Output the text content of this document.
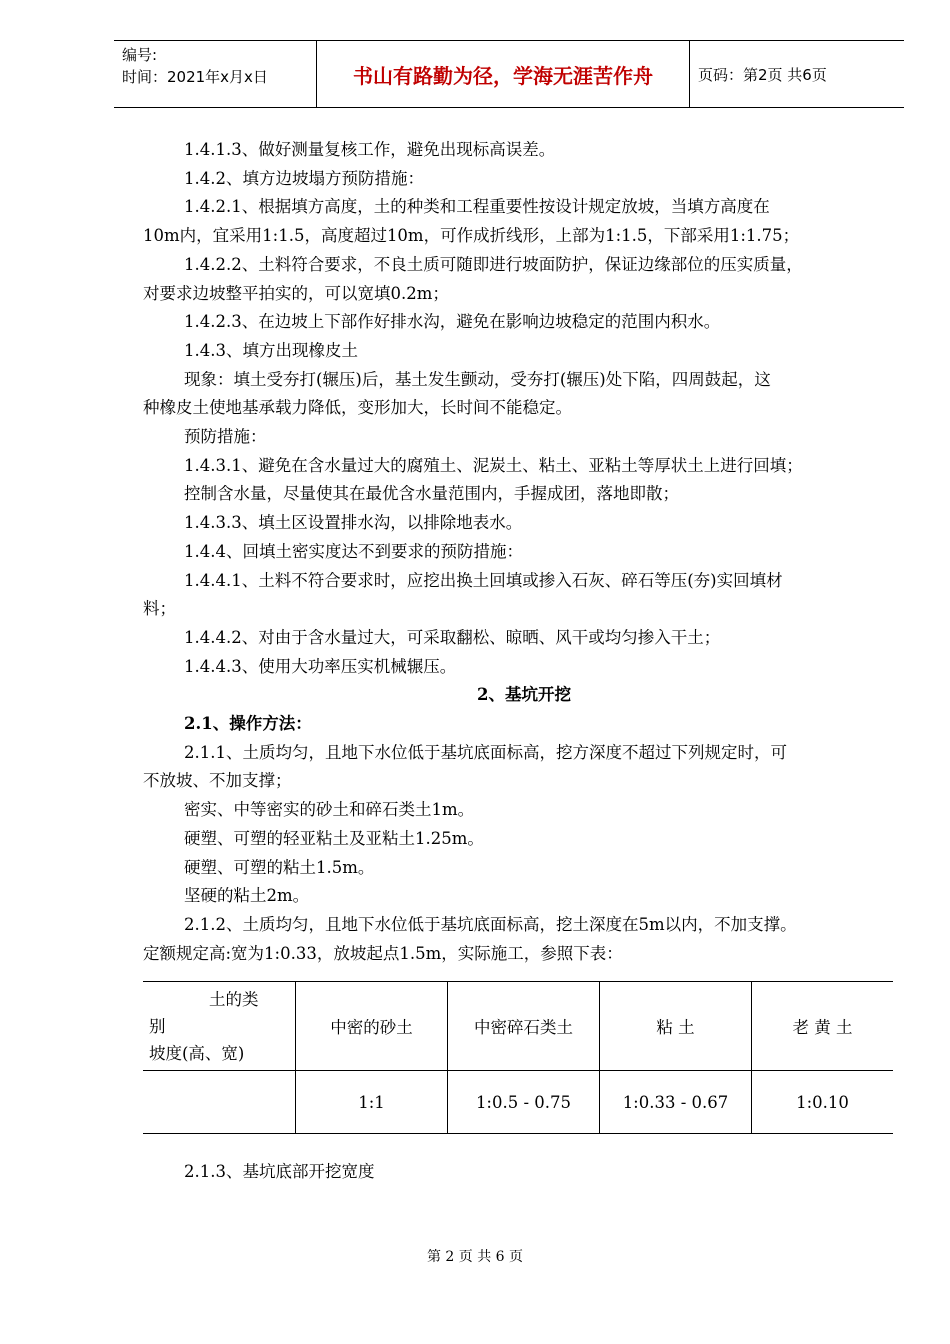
编号:
时间：2021年x月x日	书山有路勤为径，学海无涯苦作舟	页码：第2页 共6页

1.4.1.3、做好测量复核工作，避免出现标高误差。

1.4.2、填方边坡塌方预防措施：

1.4.2.1、根据填方高度，土的种类和工程重要性按设计规定放坡，当填方高度在

10m内，宜采用1:1.5，高度超过10m，可作成折线形，上部为1:1.5，下部采用1:1.75；

1.4.2.2、土料符合要求，不良土质可随即进行坡面防护，保证边缘部位的压实质量，

对要求边坡整平拍实的，可以宽填0.2m；

1.4.2.3、在边坡上下部作好排水沟，避免在影响边坡稳定的范围内积水。

1.4.3、填方出现橡皮土

现象：填土受夯打(辗压)后，基土发生颤动，受夯打(辗压)处下陷，四周鼓起，这

种橡皮土使地基承载力降低，变形加大，长时间不能稳定。

预防措施：

1.4.3.1、避免在含水量过大的腐殖土、泥炭土、粘土、亚粘土等厚状土上进行回填；

控制含水量，尽量使其在最优含水量范围内，手握成团，落地即散；

1.4.3.3、填土区设置排水沟，以排除地表水。

1.4.4、回填土密实度达不到要求的预防措施：

1.4.4.1、土料不符合要求时，应挖出换土回填或掺入石灰、碎石等压(夯)实回填材

料；

1.4.4.2、对由于含水量过大，可采取翻松、晾晒、风干或均匀掺入干土；

1.4.4.3、使用大功率压实机械辗压。

2、基坑开挖

2.1、操作方法：

2.1.1、土质均匀，且地下水位低于基坑底面标高，挖方深度不超过下列规定时，可

不放坡、不加支撑；

密实、中等密实的砂土和碎石类土1m。

硬塑、可塑的轻亚粘土及亚粘土1.25m。

硬塑、可塑的粘土1.5m。

坚硬的粘土2m。

2.1.2、土质均匀，且地下水位低于基坑底面标高，挖土深度在5m以内，不加支撑。

定额规定高:宽为1:0.33，放坡起点1.5m，实际施工，参照下表：

土的类
别
坡度(高、宽)	中密的砂土	中密碎石类土	粘 土	老 黄 土
	1:1	1:0.5 - 0.75	1:0.33 - 0.67	1:0.10
2.1.3、基坑底部开挖宽度
第 2 页 共 6 页
